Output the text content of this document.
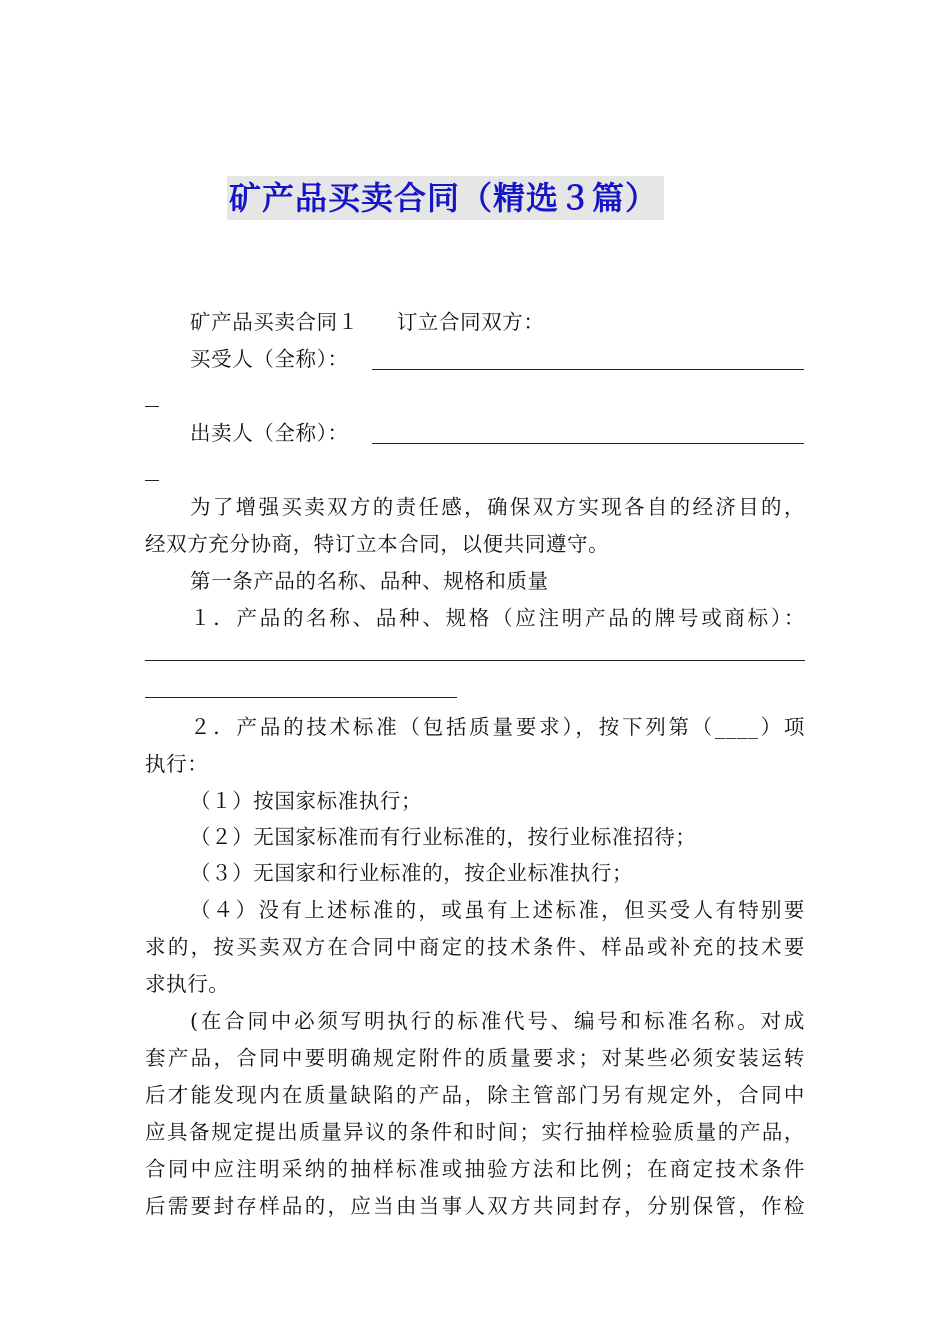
矿产品买卖合同（精选３篇）
矿产品买卖合同１ 订立合同双方：
买受人（全称）：
出卖人（全称）：
为了增强买卖双方的责任感，确保双方实现各自的经济目的，
经双方充分协商，特订立本合同，以便共同遵守。
第一条产品的名称、品种、规格和质量
１．产品的名称、品种、规格（应注明产品的牌号或商标）：
２．产品的技术标准（包括质量要求），按下列第（____）项
执行：
（１）按国家标准执行；
（２）无国家标准而有行业标准的，按行业标准招待；
（３）无国家和行业标准的，按企业标准执行；
（４）没有上述标准的，或虽有上述标准，但买受人有特别要
求的，按买卖双方在合同中商定的技术条件、样品或补充的技术要
求执行。
(在合同中必须写明执行的标准代号、编号和标准名称。对成
套产品，合同中要明确规定附件的质量要求；对某些必须安装运转
后才能发现内在质量缺陷的产品，除主管部门另有规定外，合同中
应具备规定提出质量异议的条件和时间；实行抽样检验质量的产品，
合同中应注明采纳的抽样标准或抽验方法和比例；在商定技术条件
后需要封存样品的，应当由当事人双方共同封存，分别保管，作检
